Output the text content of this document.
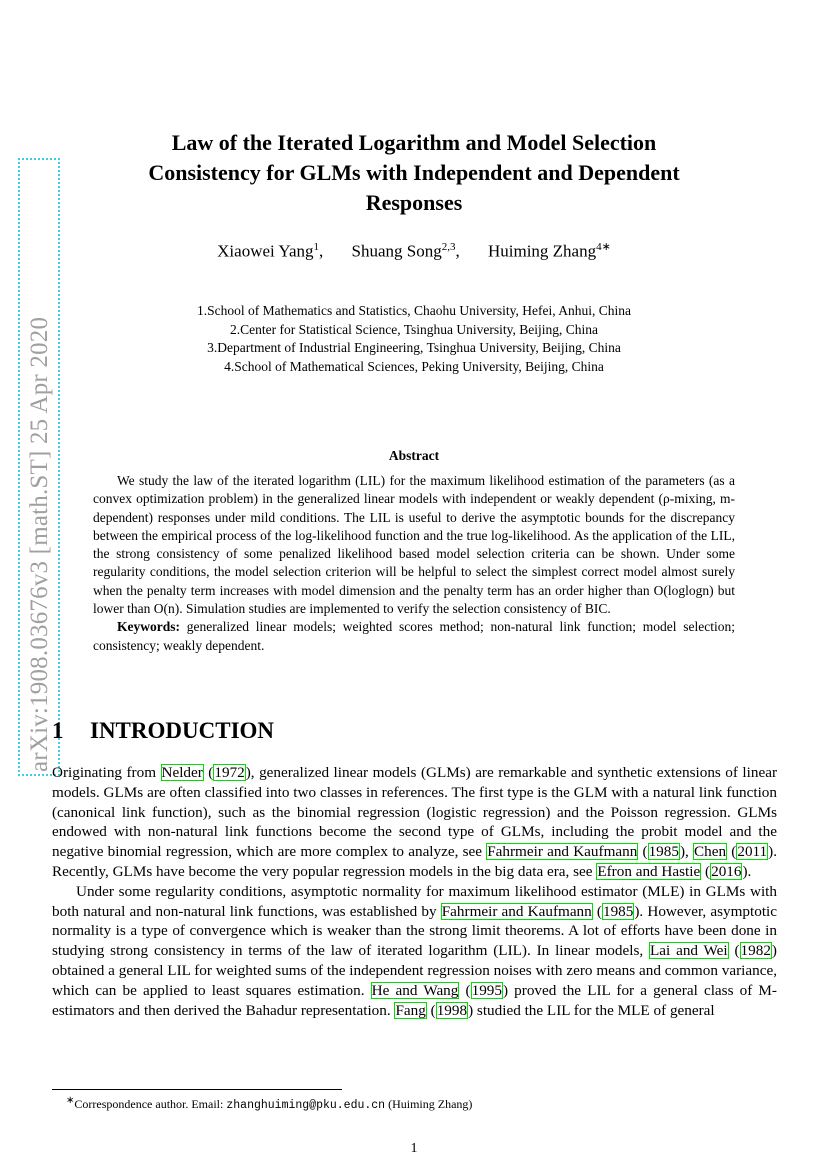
arXiv:1908.03676v3 [math.ST] 25 Apr 2020
Law of the Iterated Logarithm and Model Selection
Consistency for GLMs with Independent and Dependent
Responses
Xiaowei Yang$^1$, Shuang Song$^{2,3}$, Huiming Zhang$^{4∗}$
1.School of Mathematics and Statistics, Chaohu University, Hefei, Anhui, China
2.Center for Statistical Science, Tsinghua University, Beijing, China
3.Department of Industrial Engineering, Tsinghua University, Beijing, China
4.School of Mathematical Sciences, Peking University, Beijing, China
Abstract

We study the law of the iterated logarithm (LIL) for the maximum likelihood estimation of the parameters (as a convex optimization problem) in the generalized linear models with independent or weakly dependent (ρ-mixing, m-dependent) responses under mild conditions. The LIL is useful to derive the asymptotic bounds for the discrepancy between the empirical process of the log-likelihood function and the true log-likelihood. As the application of the LIL, the strong consistency of some penalized likelihood based model selection criteria can be shown. Under some regularity conditions, the model selection criterion will be helpful to select the simplest correct model almost surely when the penalty term increases with model dimension and the penalty term has an order higher than O(loglogn) but lower than O(n). Simulation studies are implemented to verify the selection consistency of BIC.

Keywords: generalized linear models; weighted scores method; non-natural link function; model selection; consistency; weakly dependent.

1 INTRODUCTION

Originating from Nelder (1972), generalized linear models (GLMs) are remarkable and synthetic extensions of linear models. GLMs are often classified into two classes in references. The first type is the GLM with a natural link function (canonical link function), such as the binomial regression (logistic regression) and the Poisson regression. GLMs endowed with non-natural link functions become the second type of GLMs, including the probit model and the negative binomial regression, which are more complex to analyze, see Fahrmeir and Kaufmann (1985), Chen (2011). Recently, GLMs have become the very popular regression models in the big data era, see Efron and Hastie (2016).

Under some regularity conditions, asymptotic normality for maximum likelihood estimator (MLE) in GLMs with both natural and non-natural link functions, was established by Fahrmeir and Kaufmann (1985). However, asymptotic normality is a type of convergence which is weaker than the strong limit theorems. A lot of efforts have been done in studying strong consistency in terms of the law of iterated logarithm (LIL). In linear models, Lai and Wei (1982) obtained a general LIL for weighted sums of the independent regression noises with zero means and common variance, which can be applied to least squares estimation. He and Wang (1995) proved the LIL for a general class of M-estimators and then derived the Bahadur representation. Fang (1998) studied the LIL for the MLE of general

∗Correspondence author. Email: zhanghuiming@pku.edu.cn (Huiming Zhang)
1
